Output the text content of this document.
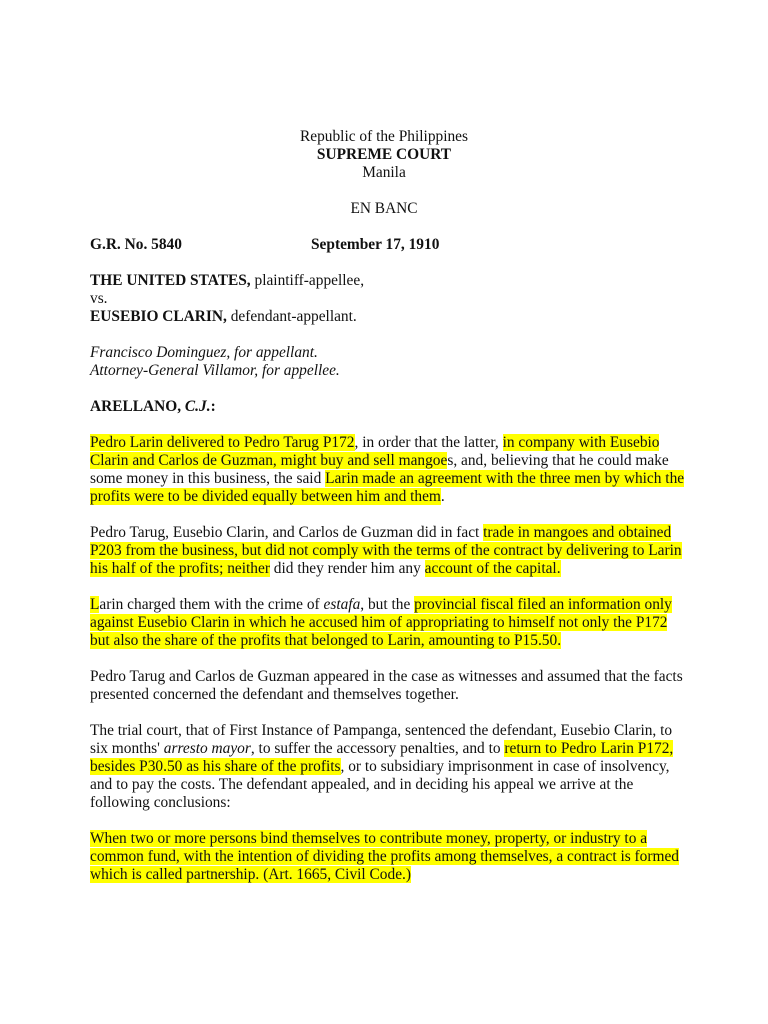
Republic of the Philippines
SUPREME COURT
Manila
EN BANC
G.R. No. 5840	September 17, 1910
THE UNITED STATES, plaintiff-appellee,
vs.
EUSEBIO CLARIN, defendant-appellant.
Francisco Dominguez, for appellant.
Attorney-General Villamor, for appellee.
ARELLANO, C.J.:
Pedro Larin delivered to Pedro Tarug P172, in order that the latter, in company with Eusebio Clarin and Carlos de Guzman, might buy and sell mangoes, and, believing that he could make some money in this business, the said Larin made an agreement with the three men by which the profits were to be divided equally between him and them.
Pedro Tarug, Eusebio Clarin, and Carlos de Guzman did in fact trade in mangoes and obtained P203 from the business, but did not comply with the terms of the contract by delivering to Larin his half of the profits; neither did they render him any account of the capital.
Larin charged them with the crime of estafa, but the provincial fiscal filed an information only against Eusebio Clarin in which he accused him of appropriating to himself not only the P172 but also the share of the profits that belonged to Larin, amounting to P15.50.
Pedro Tarug and Carlos de Guzman appeared in the case as witnesses and assumed that the facts presented concerned the defendant and themselves together.
The trial court, that of First Instance of Pampanga, sentenced the defendant, Eusebio Clarin, to six months' arresto mayor, to suffer the accessory penalties, and to return to Pedro Larin P172, besides P30.50 as his share of the profits, or to subsidiary imprisonment in case of insolvency, and to pay the costs. The defendant appealed, and in deciding his appeal we arrive at the following conclusions:
When two or more persons bind themselves to contribute money, property, or industry to a common fund, with the intention of dividing the profits among themselves, a contract is formed which is called partnership. (Art. 1665, Civil Code.)
